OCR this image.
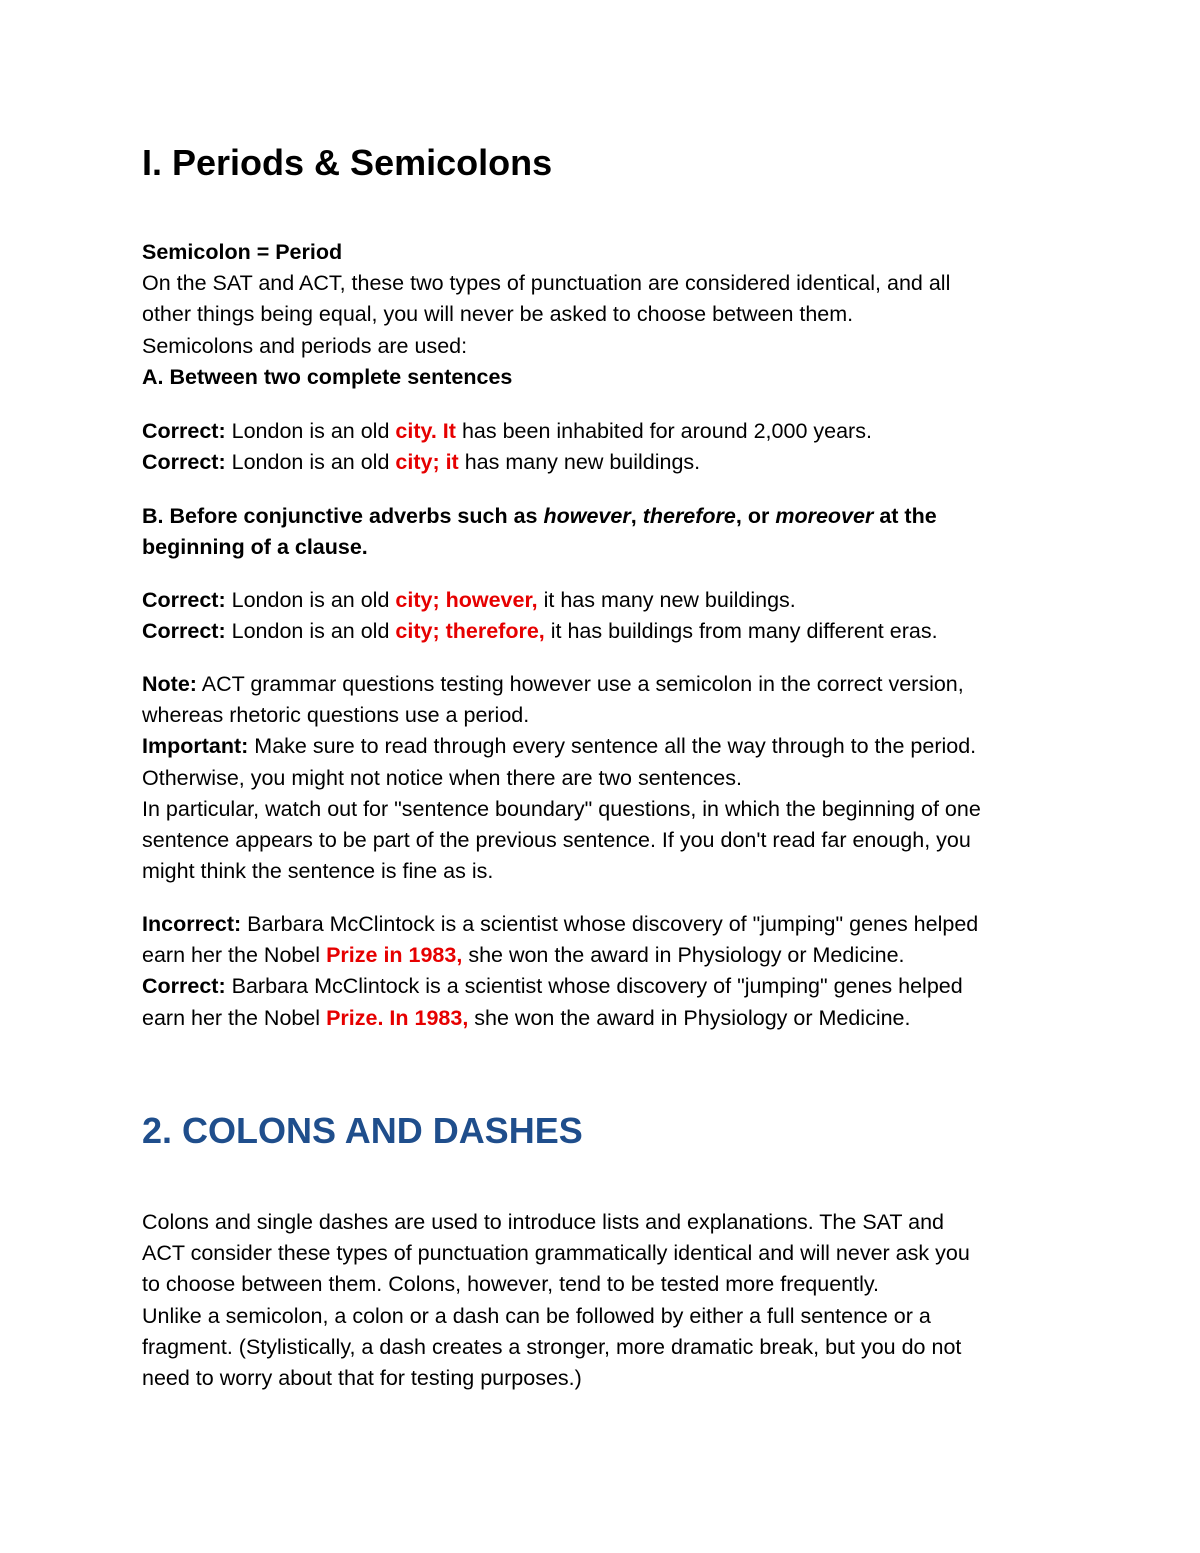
I. Periods & Semicolons
Semicolon = Period
On the SAT and ACT, these two types of punctuation are considered identical, and all
other things being equal, you will never be asked to choose between them.
Semicolons and periods are used:
A. Between two complete sentences
Correct: London is an old city. It has been inhabited for around 2,000 years.
Correct: London is an old city; it has many new buildings.
B. Before conjunctive adverbs such as however, therefore, or moreover at the
beginning of a clause.
Correct: London is an old city; however, it has many new buildings.
Correct: London is an old city; therefore, it has buildings from many different eras.
Note: ACT grammar questions testing however use a semicolon in the correct version,
whereas rhetoric questions use a period.
Important: Make sure to read through every sentence all the way through to the period.
Otherwise, you might not notice when there are two sentences.
In particular, watch out for "sentence boundary" questions, in which the beginning of one
sentence appears to be part of the previous sentence. If you don't read far enough, you
might think the sentence is fine as is.
Incorrect: Barbara McClintock is a scientist whose discovery of "jumping" genes helped
earn her the Nobel Prize in 1983, she won the award in Physiology or Medicine.
Correct: Barbara McClintock is a scientist whose discovery of "jumping" genes helped
earn her the Nobel Prize. In 1983, she won the award in Physiology or Medicine.
2. COLONS AND DASHES
Colons and single dashes are used to introduce lists and explanations. The SAT and
ACT consider these types of punctuation grammatically identical and will never ask you
to choose between them. Colons, however, tend to be tested more frequently.
Unlike a semicolon, a colon or a dash can be followed by either a full sentence or a
fragment. (Stylistically, a dash creates a stronger, more dramatic break, but you do not
need to worry about that for testing purposes.)
